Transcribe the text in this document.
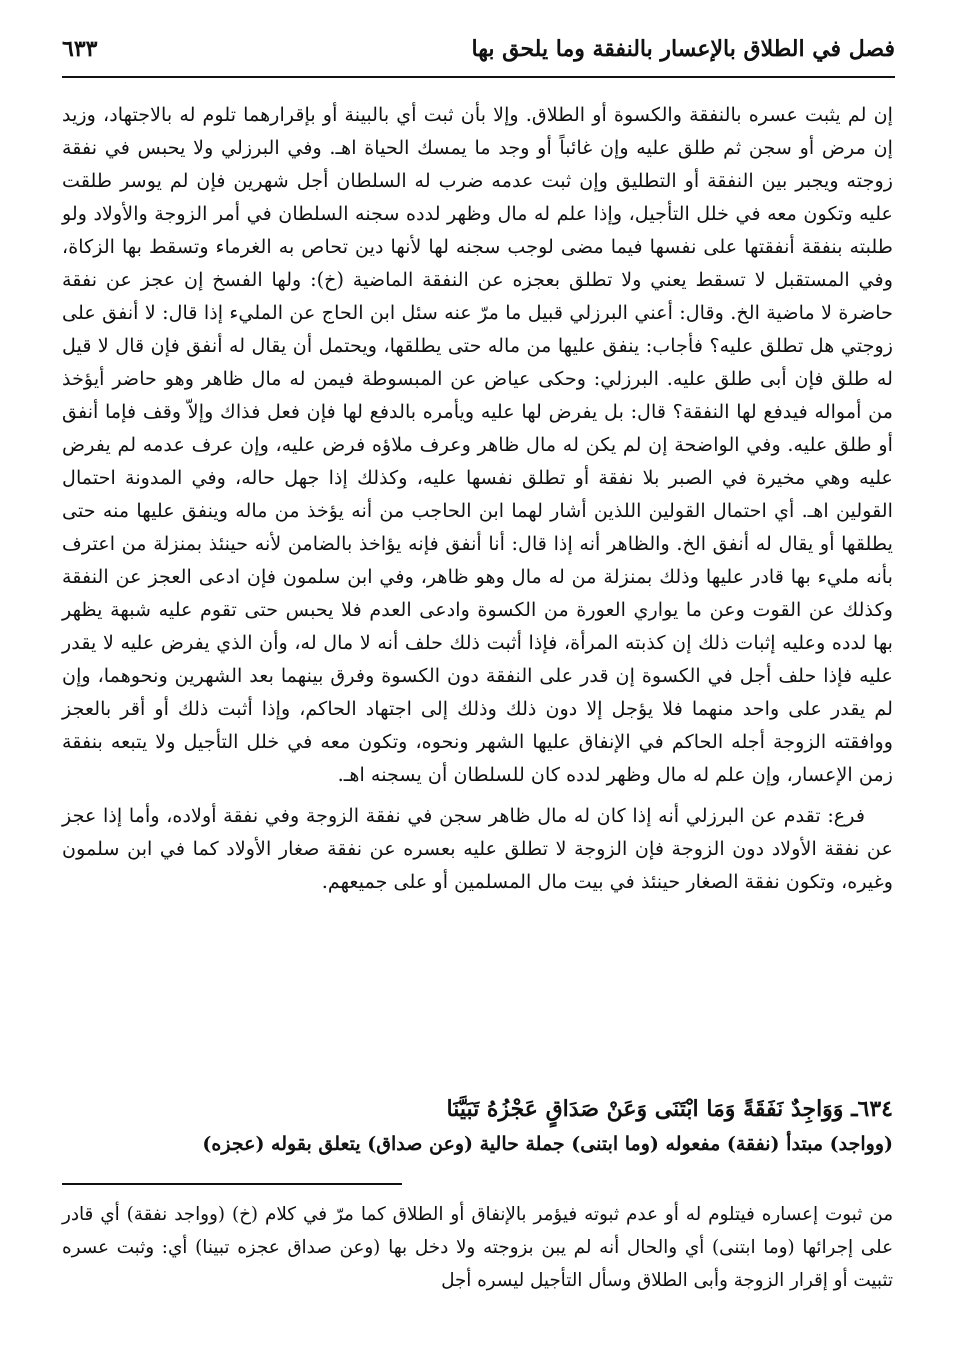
فصل في الطلاق بالإعسار بالنفقة وما يلحق بها
٦٣٣

إن لم يثبت عسره بالنفقة والكسوة أو الطلاق. وإلا بأن ثبت أي بالبينة أو بإقرارهما تلوم له بالاجتهاد، وزيد إن مرض أو سجن ثم طلق عليه وإن غائباً أو وجد ما يمسك الحياة اهـ. وفي البرزلي ولا يحبس في نفقة زوجته ويجبر بين النفقة أو التطليق وإن ثبت عدمه ضرب له السلطان أجل شهرين فإن لم يوسر طلقت عليه وتكون معه في خلل التأجيل، وإذا علم له مال وظهر لدده سجنه السلطان في أمر الزوجة والأولاد ولو طلبته بنفقة أنفقتها على نفسها فيما مضى لوجب سجنه لها لأنها دين تحاص به الغرماء وتسقط بها الزكاة، وفي المستقبل لا تسقط يعني ولا تطلق بعجزه عن النفقة الماضية (خ): ولها الفسخ إن عجز عن نفقة حاضرة لا ماضية الخ. وقال: أعني البرزلي قبيل ما مرّ عنه سئل ابن الحاج عن المليء إذا قال: لا أنفق على زوجتي هل تطلق عليه؟ فأجاب: ينفق عليها من ماله حتى يطلقها، ويحتمل أن يقال له أنفق فإن قال لا قيل له طلق فإن أبى طلق عليه. البرزلي: وحكى عياض عن المبسوطة فيمن له مال ظاهر وهو حاضر أيؤخذ من أمواله فيدفع لها النفقة؟ قال: بل يفرض لها عليه ويأمره بالدفع لها فإن فعل فذاك وإلاّ وقف فإما أنفق أو طلق عليه. وفي الواضحة إن لم يكن له مال ظاهر وعرف ملاؤه فرض عليه، وإن عرف عدمه لم يفرض عليه وهي مخيرة في الصبر بلا نفقة أو تطلق نفسها عليه، وكذلك إذا جهل حاله، وفي المدونة احتمال القولين اهـ. أي احتمال القولين اللذين أشار لهما ابن الحاجب من أنه يؤخذ من ماله وينفق عليها منه حتى يطلقها أو يقال له أنفق الخ. والظاهر أنه إذا قال: أنا أنفق فإنه يؤاخذ بالضامن لأنه حينئذ بمنزلة من اعترف بأنه مليء بها قادر عليها وذلك بمنزلة من له مال وهو ظاهر، وفي ابن سلمون فإن ادعى العجز عن النفقة وكذلك عن القوت وعن ما يواري العورة من الكسوة وادعى العدم فلا يحبس حتى تقوم عليه شبهة يظهر بها لدده وعليه إثبات ذلك إن كذبته المرأة، فإذا أثبت ذلك حلف أنه لا مال له، وأن الذي يفرض عليه لا يقدر عليه فإذا حلف أجل في الكسوة إن قدر على النفقة دون الكسوة وفرق بينهما بعد الشهرين ونحوهما، وإن لم يقدر على واحد منهما فلا يؤجل إلا دون ذلك وذلك إلى اجتهاد الحاكم، وإذا أثبت ذلك أو أقر بالعجز ووافقته الزوجة أجله الحاكم في الإنفاق عليها الشهر ونحوه، وتكون معه في خلل التأجيل ولا يتبعه بنفقة زمن الإعسار، وإن علم له مال وظهر لدده كان للسلطان أن يسجنه اهـ.

فرع: تقدم عن البرزلي أنه إذا كان له مال ظاهر سجن في نفقة الزوجة وفي نفقة أولاده، وأما إذا عجز عن نفقة الأولاد دون الزوجة فإن الزوجة لا تطلق عليه بعسره عن نفقة صغار الأولاد كما في ابن سلمون وغيره، وتكون نفقة الصغار حينئذ في بيت مال المسلمين أو على جميعهم.

٦٣٤ـ وَوَاجِدٌ نَفَقَةً وَمَا ابْتَنَى وَعَنْ صَدَاقٍ عَجْزُهُ تَبَيَّنَا
(وواجد) مبتدأ (نفقة) مفعوله (وما ابتنى) جملة حالية (وعن صداق) يتعلق بقوله (عجزه)
من ثبوت إعساره فيتلوم له أو عدم ثبوته فيؤمر بالإنفاق أو الطلاق كما مرّ في كلام (خ) (وواجد نفقة) أي قادر على إجرائها (وما ابتنى) أي والحال أنه لم يبن بزوجته ولا دخل بها (وعن صداق عجزه تبينا) أي: وثبت عسره تثبيت أو إقرار الزوجة وأبى الطلاق وسأل التأجيل ليسره أجل
